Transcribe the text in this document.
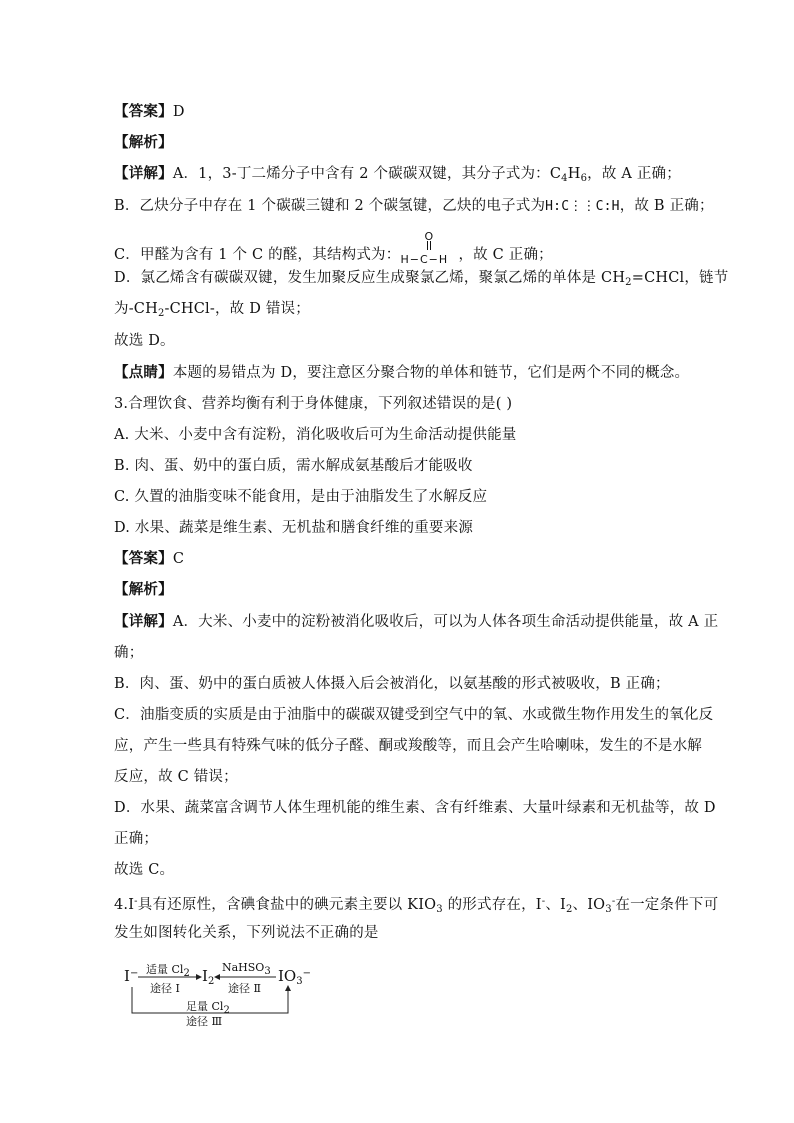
【答案】D
【解析】
【详解】A．1，3-丁二烯分子中含有 2 个碳碳双键，其分子式为：$C_4H_6$，故 A 正确；
B．乙炔分子中存在 1 个碳碳三键和 2 个碳氢键，乙炔的电子式为H:C⋮⋮C:H，故 B 正确；
C．甲醛为含有 1 个 C 的醛，其结构式为：
O
H−C−H ，故 C 正确；
D．氯乙烯含有碳碳双键，发生加聚反应生成聚氯乙烯，聚氯乙烯的单体是 $CH_2=CHCl$，链节
为$-CH_2-CHCl-$，故 D 错误；
故选 D。
【点睛】本题的易错点为 D，要注意区分聚合物的单体和链节，它们是两个不同的概念。
3.合理饮食、营养均衡有利于身体健康，下列叙述错误的是( )
A. 大米、小麦中含有淀粉，消化吸收后可为生命活动提供能量
B. 肉、蛋、奶中的蛋白质，需水解成氨基酸后才能吸收
C. 久置的油脂变味不能食用，是由于油脂发生了水解反应
D. 水果、蔬菜是维生素、无机盐和膳食纤维的重要来源
【答案】C
【解析】
【详解】A．大米、小麦中的淀粉被消化吸收后，可以为人体各项生命活动提供能量，故 A 正
确；
B．肉、蛋、奶中的蛋白质被人体摄入后会被消化，以氨基酸的形式被吸收，B 正确；
C．油脂变质的实质是由于油脂中的碳碳双键受到空气中的氧、水或微生物作用发生的氧化反
应，产生一些具有特殊气味的低分子醛、酮或羧酸等，而且会产生哈喇味，发生的不是水解
反应，故 C 错误；
D．水果、蔬菜富含调节人体生理机能的维生素、含有纤维素、大量叶绿素和无机盐等，故 D
正确；
故选 C。
4.I-具有还原性，含碘食盐中的碘元素主要以 $KIO_3$ 的形式存在，I-、$I_2$、$IO_3^-$在一定条件下可
发生如图转化关系，下列说法不正确的是
I−	$I_2$	$IO_3^-$
适量 $Cl_2$
途径 Ⅰ
NaHSO$_3$
途径 Ⅱ
足量 $Cl_2$
途径 Ⅲ
